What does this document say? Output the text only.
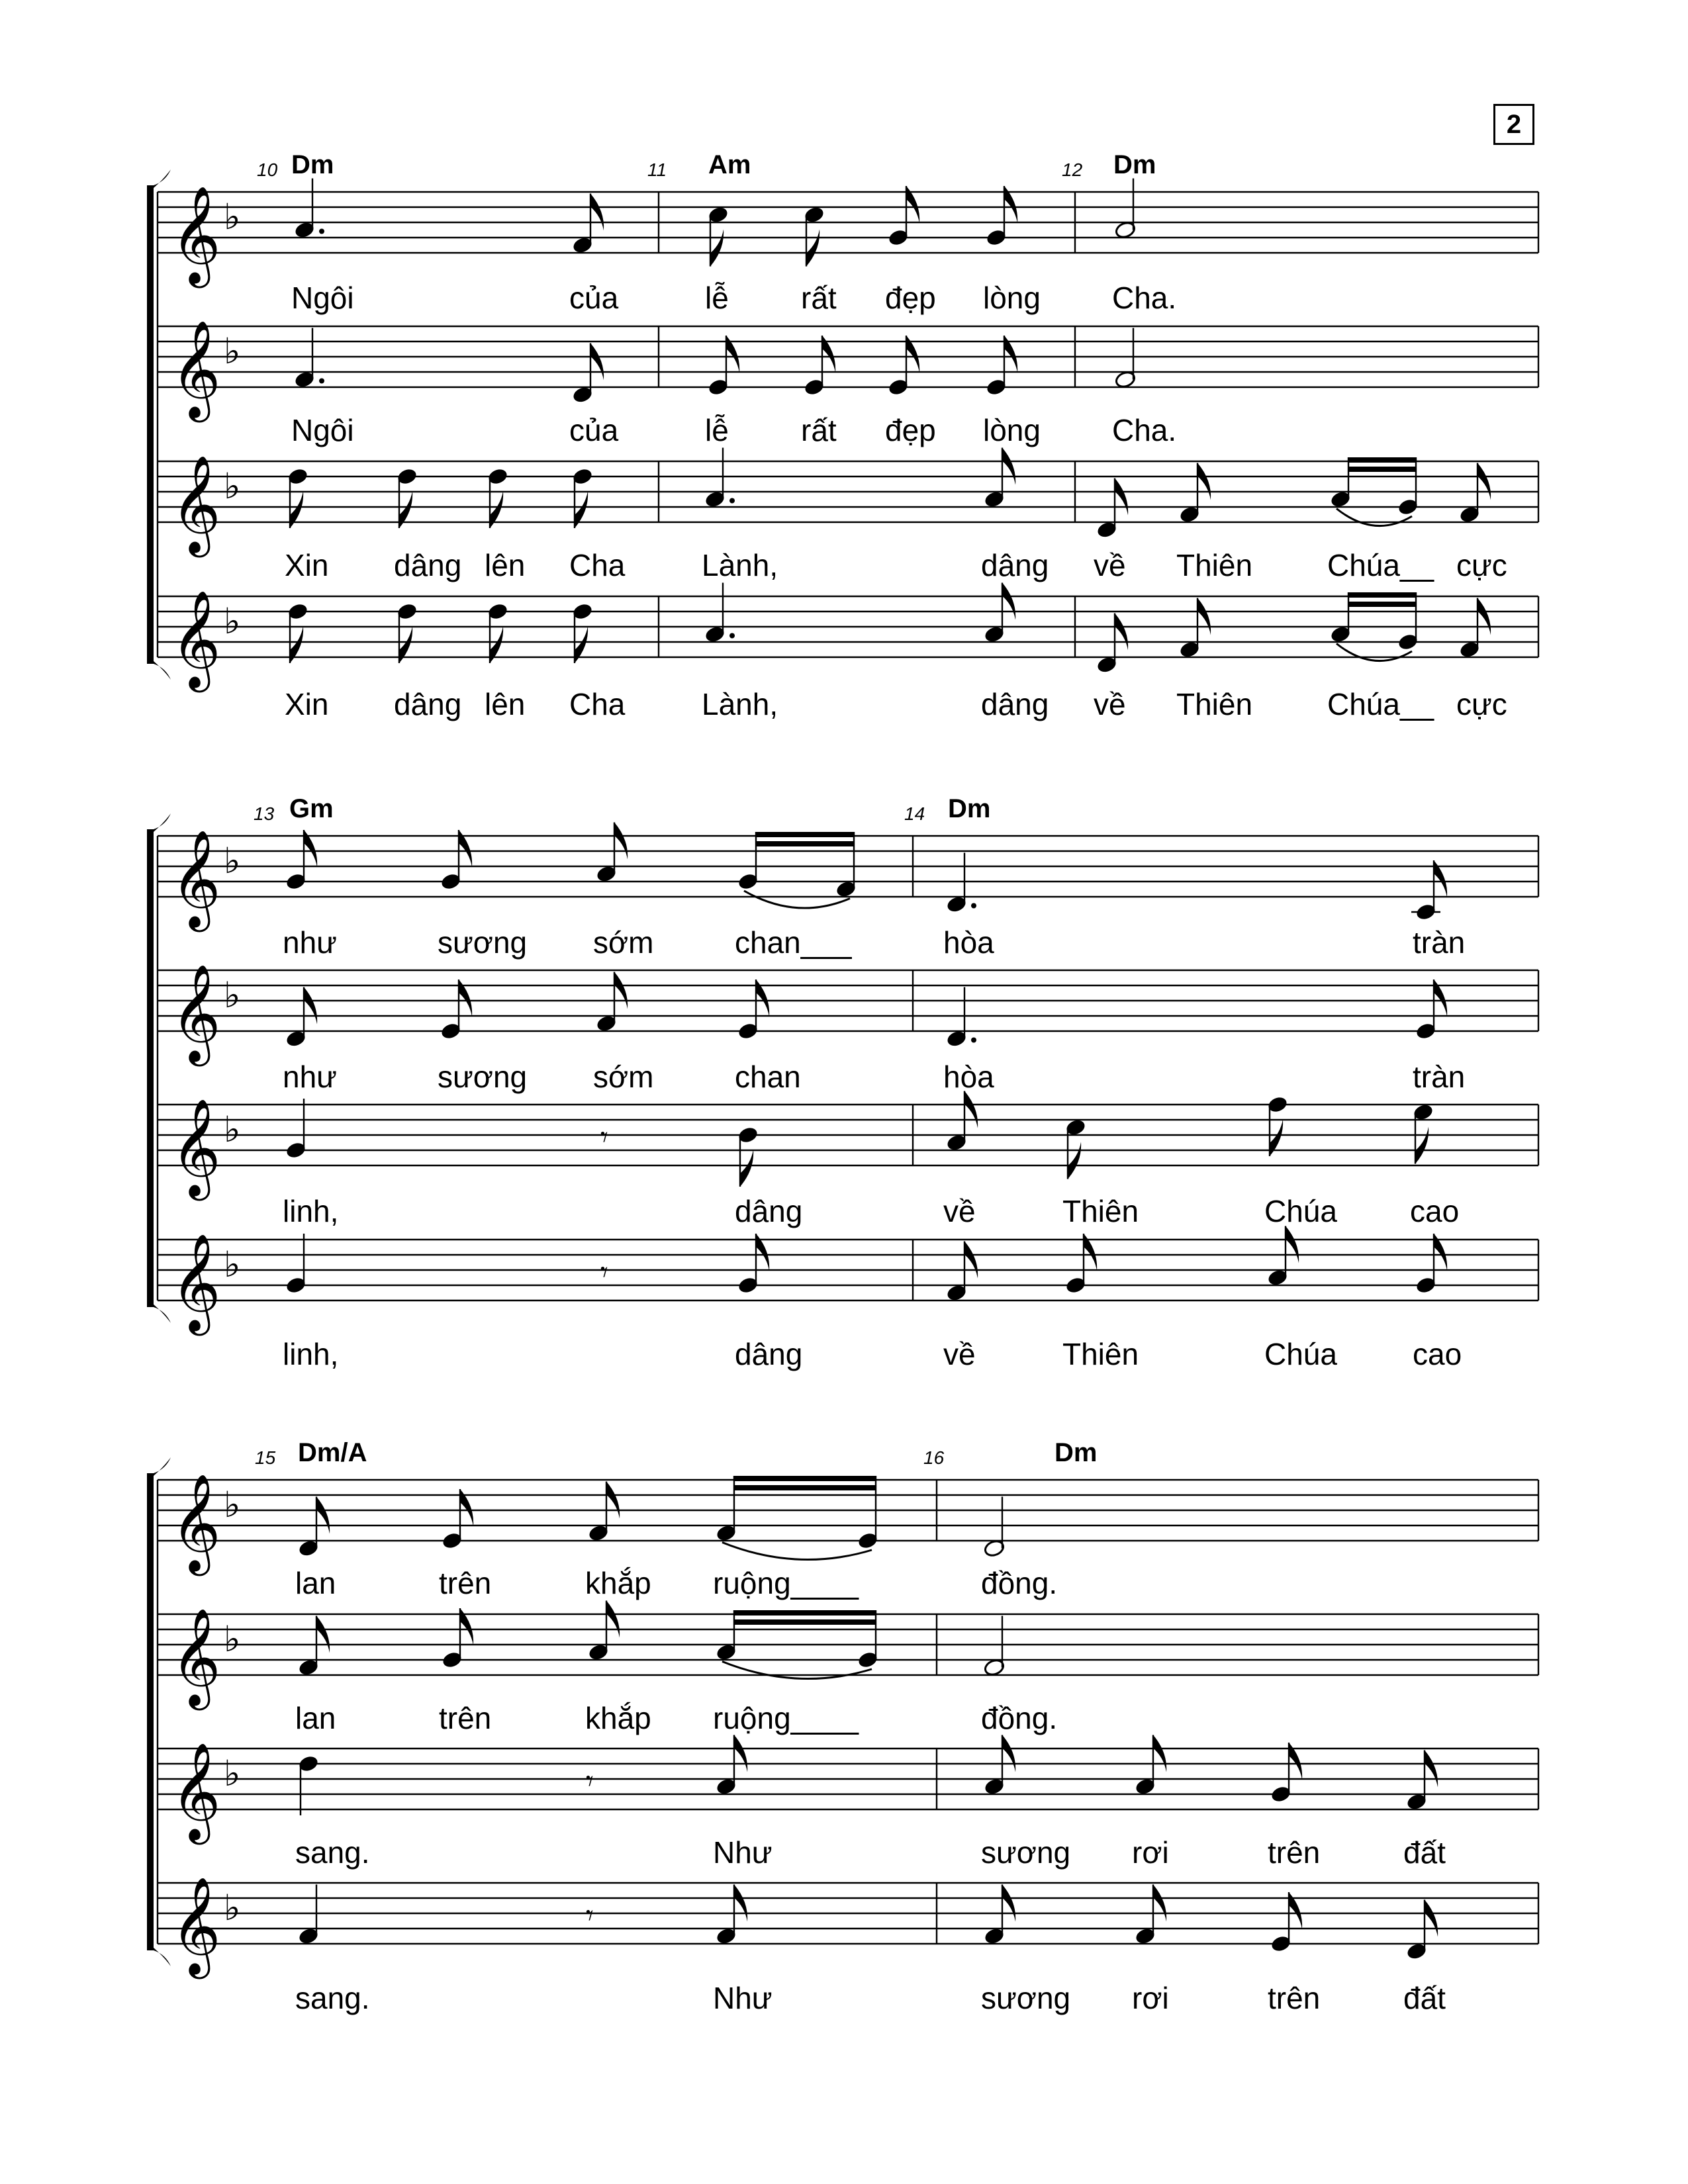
2
10 Dm	11 Am	12 Dm
𝄞 ♭
Ngôi	của	lễ rất đẹp lòng Cha.
𝄞 ♭
Ngôi	của	lễ rất đẹp lòng Cha.
𝄞 ♭
Xin dâng lên Cha	Lành,	dâng về Thiên Chúa__ cực
𝄞 ♭
Xin dâng lên Cha	Lành,	dâng về Thiên Chúa__ cực
13 Gm	14 Dm
𝄞 ♭
như	sương sớm	chan___	hòa	tràn
𝄞 ♭
như	sương sớm	chan	hòa	tràn
𝄞 ♭
linh,
𝄾
dâng	về	Thiên	Chúa cao
𝄞 ♭
linh,
𝄾
dâng	về	Thiên	Chúa cao
15 Dm/A	16	Dm
𝄞 ♭
lan	trên	khắp ruộng____	đồng.
𝄞 ♭
lan	trên	khắp ruộng____	đồng.
𝄞 ♭
sang.
𝄾
Như	sương rơi	trên	đất
𝄞 ♭
sang.
𝄾
Như	sương rơi	trên	đất
